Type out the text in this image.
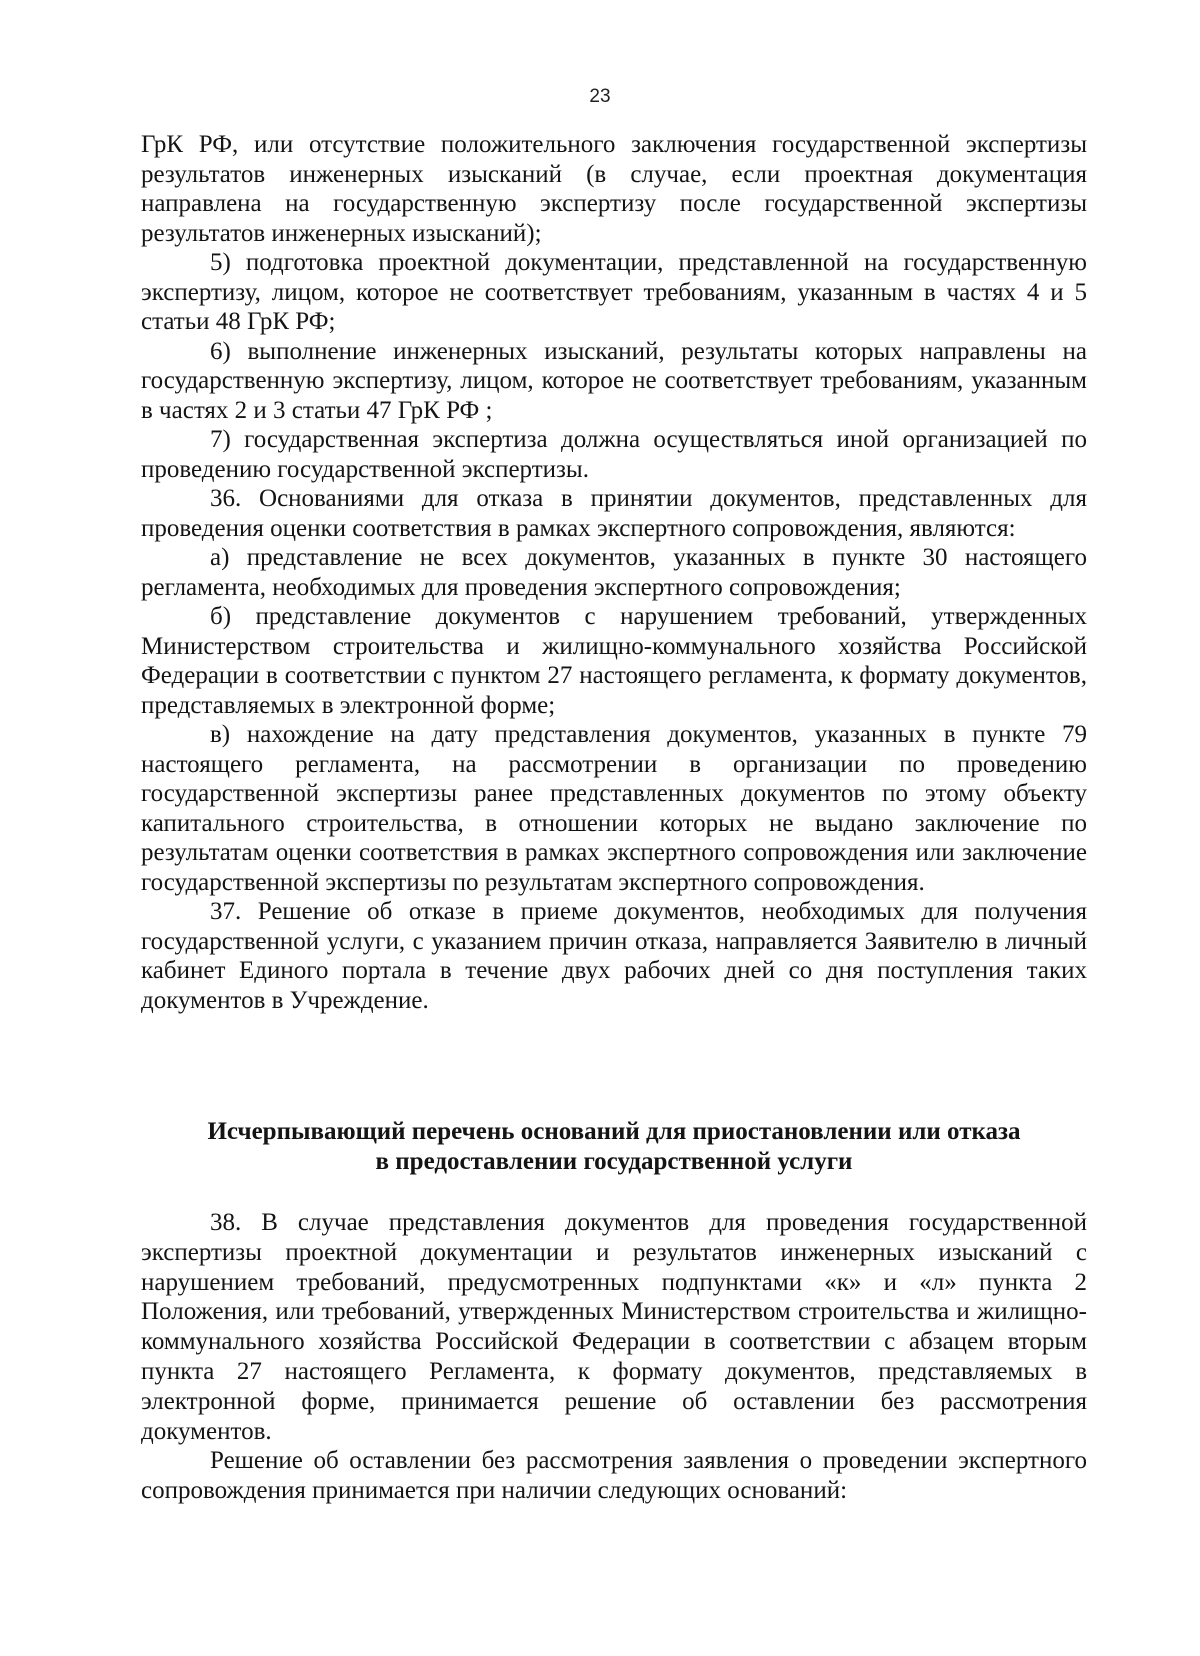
23

ГрК РФ, или отсутствие положительного заключения государственной экспертизы результатов инженерных изысканий (в случае, если проектная документация направлена на государственную экспертизу после государственной экспертизы результатов инженерных изысканий);

5) подготовка проектной документации, представленной на государственную экспертизу, лицом, которое не соответствует требованиям, указанным в частях 4 и 5 статьи 48 ГрК РФ;

6) выполнение инженерных изысканий, результаты которых направлены на государственную экспертизу, лицом, которое не соответствует требованиям, указанным в частях 2 и 3 статьи 47 ГрК РФ ;

7) государственная экспертиза должна осуществляться иной организацией по проведению государственной экспертизы.

36. Основаниями для отказа в принятии документов, представленных для проведения оценки соответствия в рамках экспертного сопровождения, являются:

а) представление не всех документов, указанных в пункте 30 настоящего регламента, необходимых для проведения экспертного сопровождения;

б) представление документов с нарушением требований, утвержденных Министерством строительства и жилищно-коммунального хозяйства Российской Федерации в соответствии с пунктом 27 настоящего регламента, к формату документов, представляемых в электронной форме;

в) нахождение на дату представления документов, указанных в пункте 79 настоящего регламента, на рассмотрении в организации по проведению государственной экспертизы ранее представленных документов по этому объекту капитального строительства, в отношении которых не выдано заключение по результатам оценки соответствия в рамках экспертного сопровождения или заключение государственной экспертизы по результатам экспертного сопровождения.

37. Решение об отказе в приеме документов, необходимых для получения государственной услуги, с указанием причин отказа, направляется Заявителю в личный кабинет Единого портала в течение двух рабочих дней со дня поступления таких документов в Учреждение.

Исчерпывающий перечень оснований для приостановлении или отказа
в предоставлении государственной услуги

38. В случае представления документов для проведения государственной экспертизы проектной документации и результатов инженерных изысканий с нарушением требований, предусмотренных подпунктами «к» и «л» пункта 2 Положения, или требований, утвержденных Министерством строительства и жилищно-коммунального хозяйства Российской Федерации в соответствии с абзацем вторым пункта 27 настоящего Регламента, к формату документов, представляемых в электронной форме, принимается решение об оставлении без рассмотрения документов.

Решение об оставлении без рассмотрения заявления о проведении экспертного сопровождения принимается при наличии следующих оснований:
